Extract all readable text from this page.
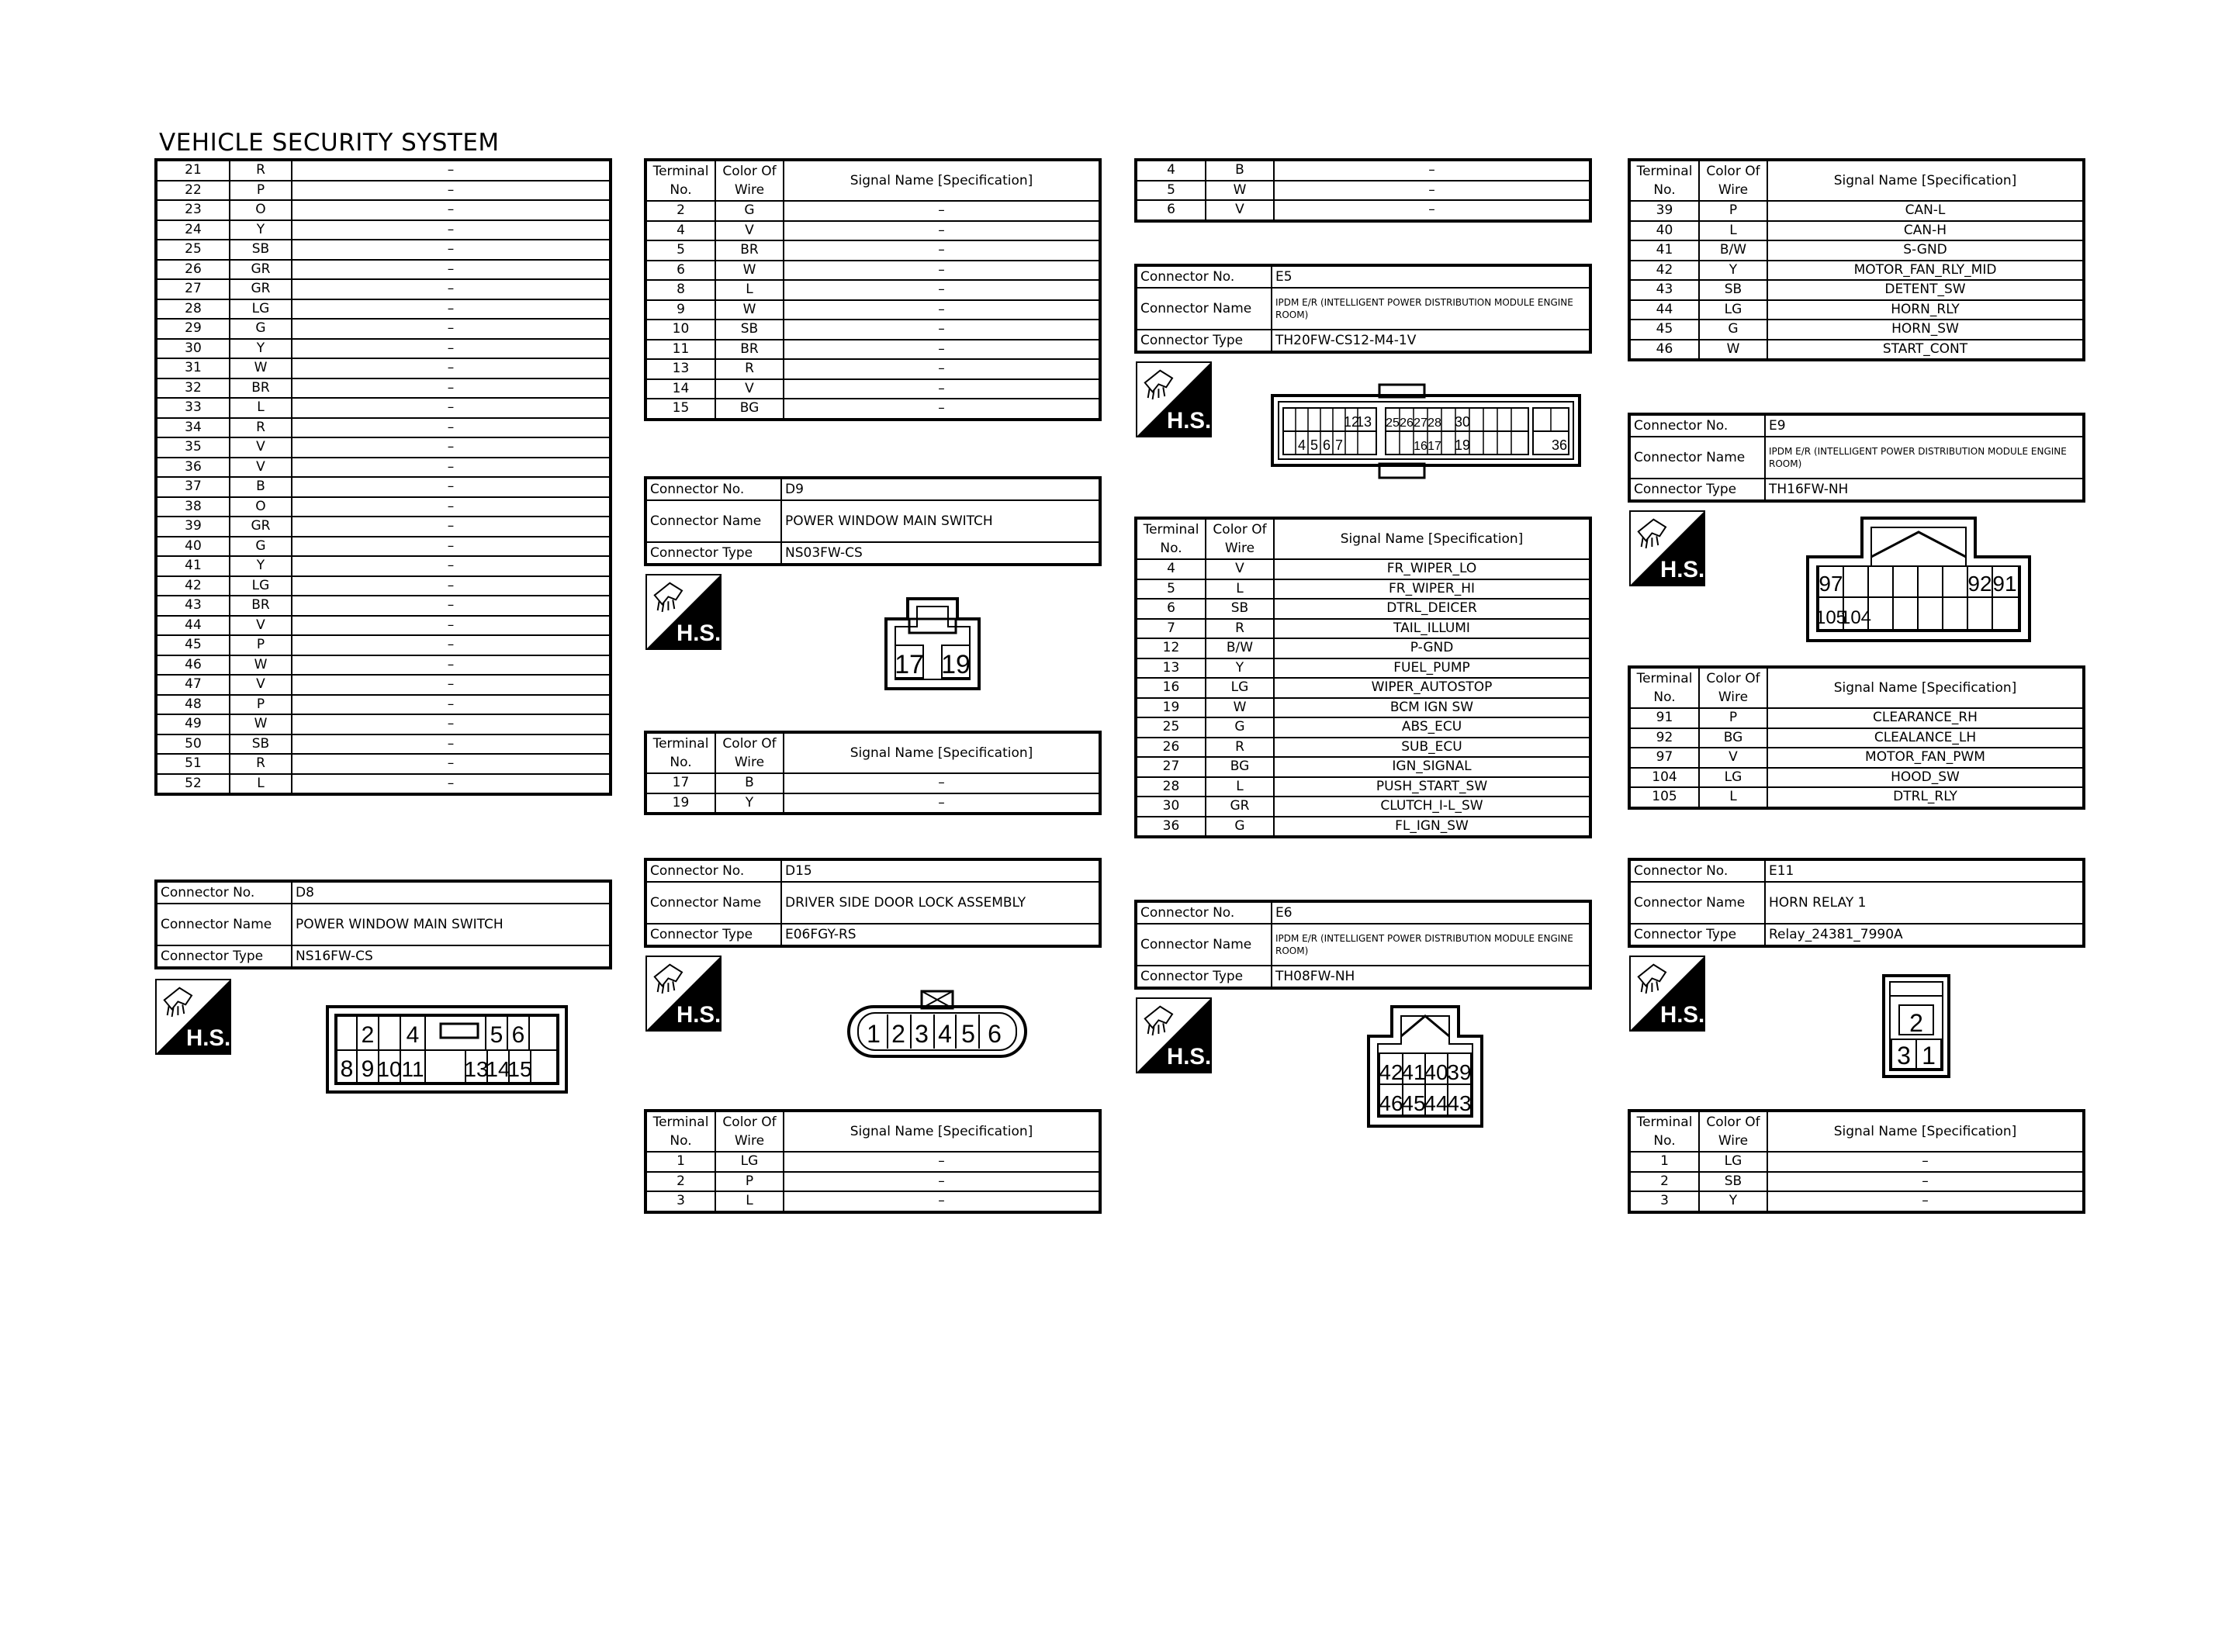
VEHICLE SECURITY SYSTEM
21	R	–
22	P	–
23	O	–
24	Y	–
25	SB	–
26	GR	–
27	GR	–
28	LG	–
29	G	–
30	Y	–
31	W	–
32	BR	–
33	L	–
34	R	–
35	V	–
36	V	–
37	B	–
38	O	–
39	GR	–
40	G	–
41	Y	–
42	LG	–
43	BR	–
44	V	–
45	P	–
46	W	–
47	V	–
48	P	–
49	W	–
50	SB	–
51	R	–
52	L	–
Connector No.	D8
Connector Name	POWER WINDOW MAIN SWITCH
Connector Type	NS16FW-CS
H.S.	2 4	5 6
8 9 10 11 13
14
15
Terminal No.	Color Of Wire	Signal Name [Specification]
2	G	–
4	V	–
5	BR	–
6	W	–
8	L	–
9	W	–
10	SB	–
11	BR	–
13	R	–
14	V	–
15	BG	–
Connector No.	D9
Connector Name	POWER WINDOW MAIN SWITCH
Connector Type	NS03FW-CS
H.S.
17 19
Terminal No.	Color Of Wire	Signal Name [Specification]
17	B	–
19	Y	–
Connector No.	D15
Connector Name	DRIVER SIDE DOOR LOCK ASSEMBLY
Connector Type	E06FGY-RS
H.S.
1 2 3 4 5 6
Terminal No.	Color Of Wire	Signal Name [Specification]
1	LG	–
2	P	–
3	L	–
4	B	–
5	W	–
6	V	–
Connector No.	E5
Connector Name	IPDM E/R (INTELLIGENT POWER DISTRIBUTION MODULE ENGINE ROOM)
Connector Type	TH20FW-CS12-M4-1V
H.S.	12
13 25 26 27 28 30
4 5 6 7	16 17 19	36
Terminal No.	Color Of Wire	Signal Name [Specification]
4	V	FR_WIPER_LO
5	L	FR_WIPER_HI
6	SB	DTRL_DEICER
7	R	TAIL_ILLUMI
12	B/W	P-GND
13	Y	FUEL_PUMP
16	LG	WIPER_AUTOSTOP
19	W	BCM IGN SW
25	G	ABS_ECU
26	R	SUB_ECU
27	BG	IGN_SIGNAL
28	L	PUSH_START_SW
30	GR	CLUTCH_I-L_SW
36	G	FL_IGN_SW
Connector No.	E6
Connector Name	IPDM E/R (INTELLIGENT POWER DISTRIBUTION MODULE ENGINE ROOM)
Connector Type	TH08FW-NH
H.S.
42
41
40
39
46
45
44
43
Terminal No.	Color Of Wire	Signal Name [Specification]
39	P	CAN-L
40	L	CAN-H
41	B/W	S-GND
42	Y	MOTOR_FAN_RLY_MID
43	SB	DETENT_SW
44	LG	HORN_RLY
45	G	HORN_SW
46	W	START_CONT
Connector No.	E9
Connector Name	IPDM E/R (INTELLIGENT POWER DISTRIBUTION MODULE ENGINE ROOM)
Connector Type	TH16FW-NH
H.S.
97	92 91
105
104
Terminal No.	Color Of Wire	Signal Name [Specification]
91	P	CLEARANCE_RH
92	BG	CLEALANCE_LH
97	V	MOTOR_FAN_PWM
104	LG	HOOD_SW
105	L	DTRL_RLY
Connector No.	E11
Connector Name	HORN RELAY 1
Connector Type	Relay_24381_7990A
H.S.	2
3 1
Terminal No.	Color Of Wire	Signal Name [Specification]
1	LG	–
2	SB	–
3	Y	–
